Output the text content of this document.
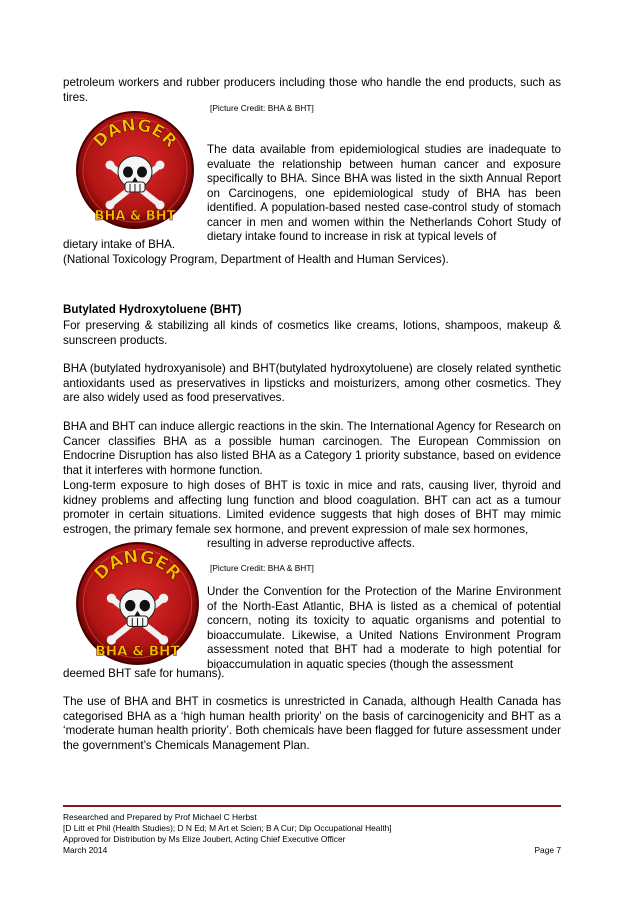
petroleum workers and rubber producers including those who handle the end products, such as tires.

[Picture Credit: BHA & BHT]
DANGER
BHA & BHT

The data available from epidemiological studies are inadequate to evaluate the relationship between human cancer and exposure specifically to BHA. Since BHA was listed in the sixth Annual Report on Carcinogens, one epidemiological study of BHA has been identified. A population-based nested case-control study of stomach cancer in men and women within the Netherlands Cohort Study of dietary intake found to increase in risk at typical levels of

dietary intake of BHA.

(National Toxicology Program, Department of Health and Human Services).

Butylated Hydroxytoluene (BHT)

For preserving & stabilizing all kinds of cosmetics like creams, lotions, shampoos, makeup & sunscreen products.

BHA (butylated hydroxyanisole) and BHT(butylated hydroxytoluene) are closely related synthetic antioxidants used as preservatives in lipsticks and moisturizers, among other cosmetics. They are also widely used as food preservatives.

BHA and BHT can induce allergic reactions in the skin. The International Agency for Research on Cancer classifies BHA as a possible human carcinogen. The European Commission on Endocrine Disruption has also listed BHA as a Category 1 priority substance, based on evidence that it interferes with hormone function.

Long-term exposure to high doses of BHT is toxic in mice and rats, causing liver, thyroid and kidney problems and affecting lung function and blood coagulation. BHT can act as a tumour promoter in certain situations. Limited evidence suggests that high doses of BHT may mimic estrogen, the primary female sex hormone, and prevent expression of male sex hormones,

resulting in adverse reproductive affects.

[Picture Credit: BHA & BHT]
DANGER
BHA & BHT

Under the Convention for the Protection of the Marine Environment of the North-East Atlantic, BHA is listed as a chemical of potential concern, noting its toxicity to aquatic organisms and potential to bioaccumulate. Likewise, a United Nations Environment Program assessment noted that BHT had a moderate to high potential for bioaccumulation in aquatic species (though the assessment

deemed BHT safe for humans).

The use of BHA and BHT in cosmetics is unrestricted in Canada, although Health Canada has categorised BHA as a ‘high human health priority’ on the basis of carcinogenicity and BHT as a ‘moderate human health priority’. Both chemicals have been flagged for future assessment under the government’s Chemicals Management Plan.

Researched and Prepared by Prof Michael C Herbst
[D Litt et Phil (Health Studies); D N Ed; M Art et Scien; B A Cur; Dip Occupational Health]
Approved for Distribution by Ms Elize Joubert, Acting Chief Executive Officer
March 2014	Page 7
